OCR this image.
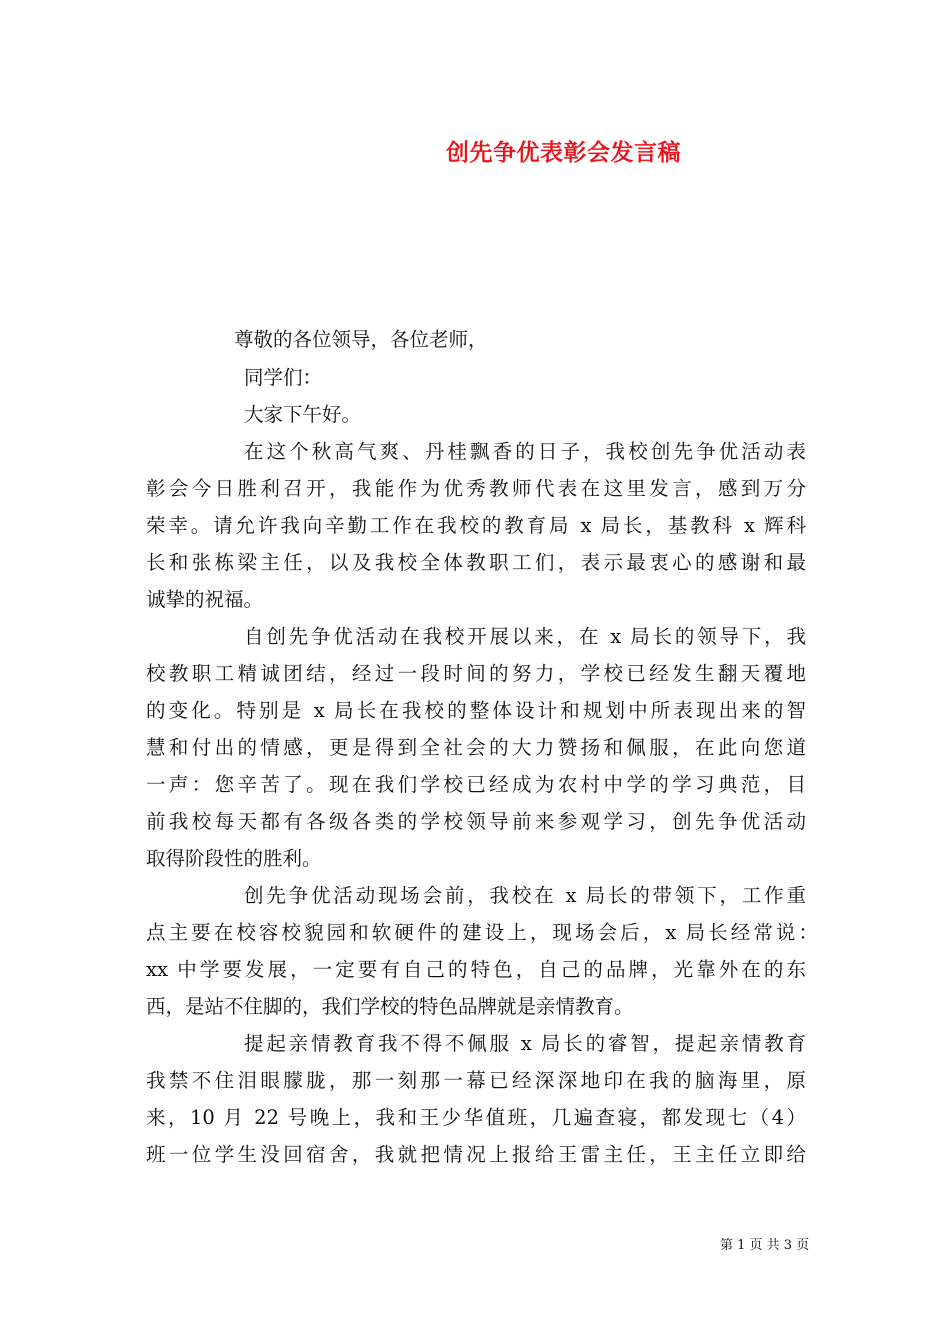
创先争优表彰会发言稿
尊敬的各位领导，各位老师，
同学们：
大家下午好。
在这个秋高气爽、丹桂飘香的日子，我校创先争优活动表
彰会今日胜利召开，我能作为优秀教师代表在这里发言，感到万分
荣幸。请允许我向辛勤工作在我校的教育局 x 局长，基教科 x 辉科
长和张栋梁主任，以及我校全体教职工们，表示最衷心的感谢和最
诚挚的祝福。
自创先争优活动在我校开展以来，在 x 局长的领导下，我
校教职工精诚团结，经过一段时间的努力，学校已经发生翻天覆地
的变化。特别是 x 局长在我校的整体设计和规划中所表现出来的智
慧和付出的情感，更是得到全社会的大力赞扬和佩服，在此向您道
一声：您辛苦了。现在我们学校已经成为农村中学的学习典范，目
前我校每天都有各级各类的学校领导前来参观学习，创先争优活动
取得阶段性的胜利。
创先争优活动现场会前，我校在 x 局长的带领下，工作重
点主要在校容校貌园和软硬件的建设上，现场会后，x 局长经常说：
xx 中学要发展，一定要有自己的特色，自己的品牌，光靠外在的东
西，是站不住脚的，我们学校的特色品牌就是亲情教育。
提起亲情教育我不得不佩服 x 局长的睿智，提起亲情教育
我禁不住泪眼朦胧，那一刻那一幕已经深深地印在我的脑海里，原
来，10 月 22 号晚上，我和王少华值班，几遍查寝，都发现七（4）
班一位学生没回宿舍，我就把情况上报给王雷主任，王主任立即给
第 1 页 共 3 页
